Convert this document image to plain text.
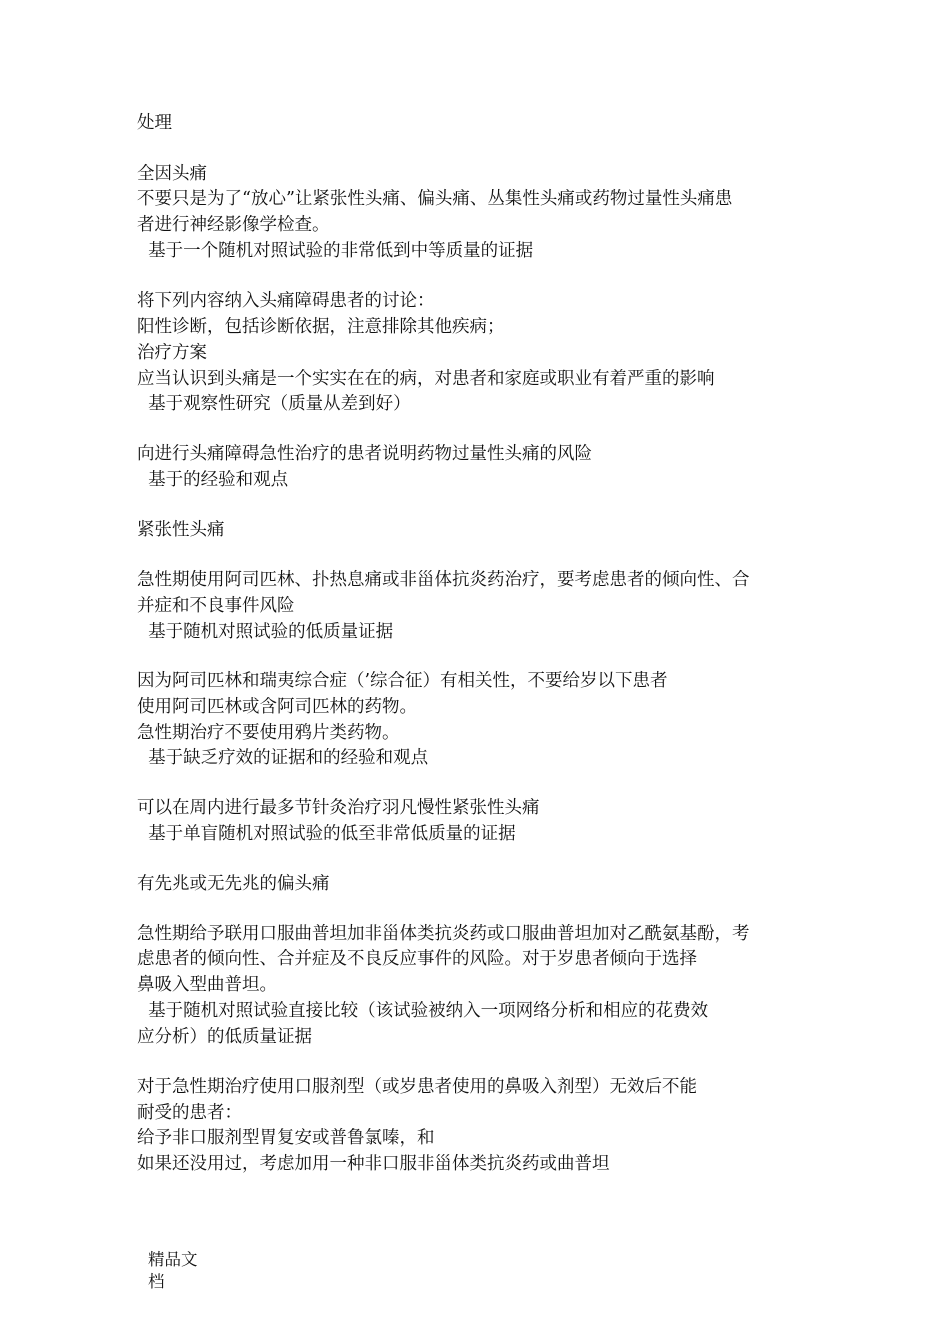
处理
全因头痛
不要只是为了“放心”让紧张性头痛、偏头痛、丛集性头痛或药物过量性头痛患
者进行神经影像学检查。
基于一个随机对照试验的非常低到中等质量的证据
将下列内容纳入头痛障碍患者的讨论：
阳性诊断，包括诊断依据，注意排除其他疾病；
治疗方案
应当认识到头痛是一个实实在在的病，对患者和家庭或职业有着严重的影响
基于观察性研究（质量从差到好）
向进行头痛障碍急性治疗的患者说明药物过量性头痛的风险
基于的经验和观点
紧张性头痛
急性期使用阿司匹林、扑热息痛或非甾体抗炎药治疗，要考虑患者的倾向性、合
并症和不良事件风险
基于随机对照试验的低质量证据
因为阿司匹林和瑞夷综合症（’综合征）有相关性，不要给岁以下患者
使用阿司匹林或含阿司匹林的药物。
急性期治疗不要使用鸦片类药物。
基于缺乏疗效的证据和的经验和观点
可以在周内进行最多节针灸治疗羽凡慢性紧张性头痛
基于单盲随机对照试验的低至非常低质量的证据
有先兆或无先兆的偏头痛
急性期给予联用口服曲普坦加非甾体类抗炎药或口服曲普坦加对乙酰氨基酚，考
虑患者的倾向性、合并症及不良反应事件的风险。对于岁患者倾向于选择
鼻吸入型曲普坦。
基于随机对照试验直接比较（该试验被纳入一项网络分析和相应的花费效
应分析）的低质量证据
对于急性期治疗使用口服剂型（或岁患者使用的鼻吸入剂型）无效后不能
耐受的患者：
给予非口服剂型胃复安或普鲁氯嗪，和
如果还没用过，考虑加用一种非口服非甾体类抗炎药或曲普坦
精品文
档
